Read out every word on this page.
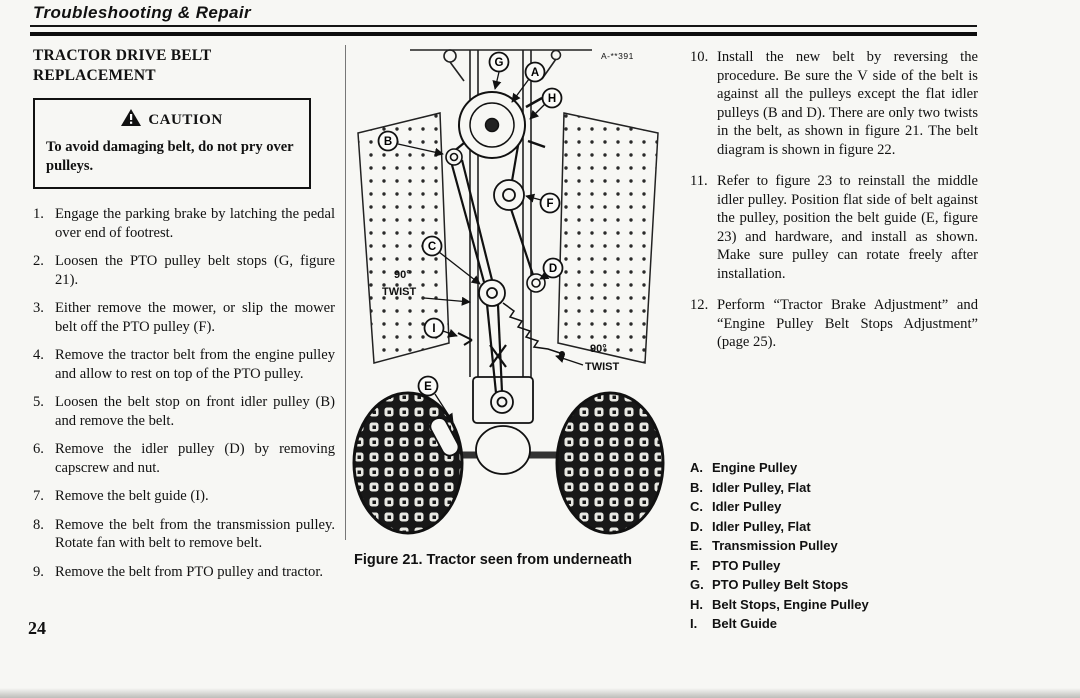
Troubleshooting & Repair
TRACTOR DRIVE BELT REPLACEMENT
CAUTION
To avoid damaging belt, do not pry over pulleys.
1. Engage the parking brake by latching the pedal over end of footrest.
2. Loosen the PTO pulley belt stops (G, figure 21).
3. Either remove the mower, or slip the mower belt off the PTO pulley (F).
4. Remove the tractor belt from the engine pulley and allow to rest on top of the PTO pulley.
5. Loosen the belt stop on front idler pulley (B) and remove the belt.
6. Remove the idler pulley (D) by removing capscrew and nut.
7. Remove the belt guide (I).
8. Remove the belt from the transmission pulley. Rotate fan with belt to remove belt.
9. Remove the belt from PTO pulley and tractor.
90°
TWIST
90°
TWIST
A-**391
G
A
H
B
F
C
D
I
E
Figure 21. Tractor seen from underneath
10. Install the new belt by reversing the procedure. Be sure the V side of the belt is against all the pulleys except the flat idler pulleys (B and D). There are only two twists in the belt, as shown in figure 21. The belt diagram is shown in figure 22.
11. Refer to figure 23 to reinstall the middle idler pulley. Position flat side of belt against the pulley, position the belt guide (E, figure 23) and hardware, and install as shown. Make sure pulley can rotate freely after installation.
12. Perform “Tractor Brake Adjustment” and “Engine Pulley Belt Stops Adjustment” (page 25).
A. Engine Pulley
B. Idler Pulley, Flat
C. Idler Pulley
D. Idler Pulley, Flat
E. Transmission Pulley
F. PTO Pulley
G. PTO Pulley Belt Stops
H. Belt Stops, Engine Pulley
I.	Belt Guide
24
